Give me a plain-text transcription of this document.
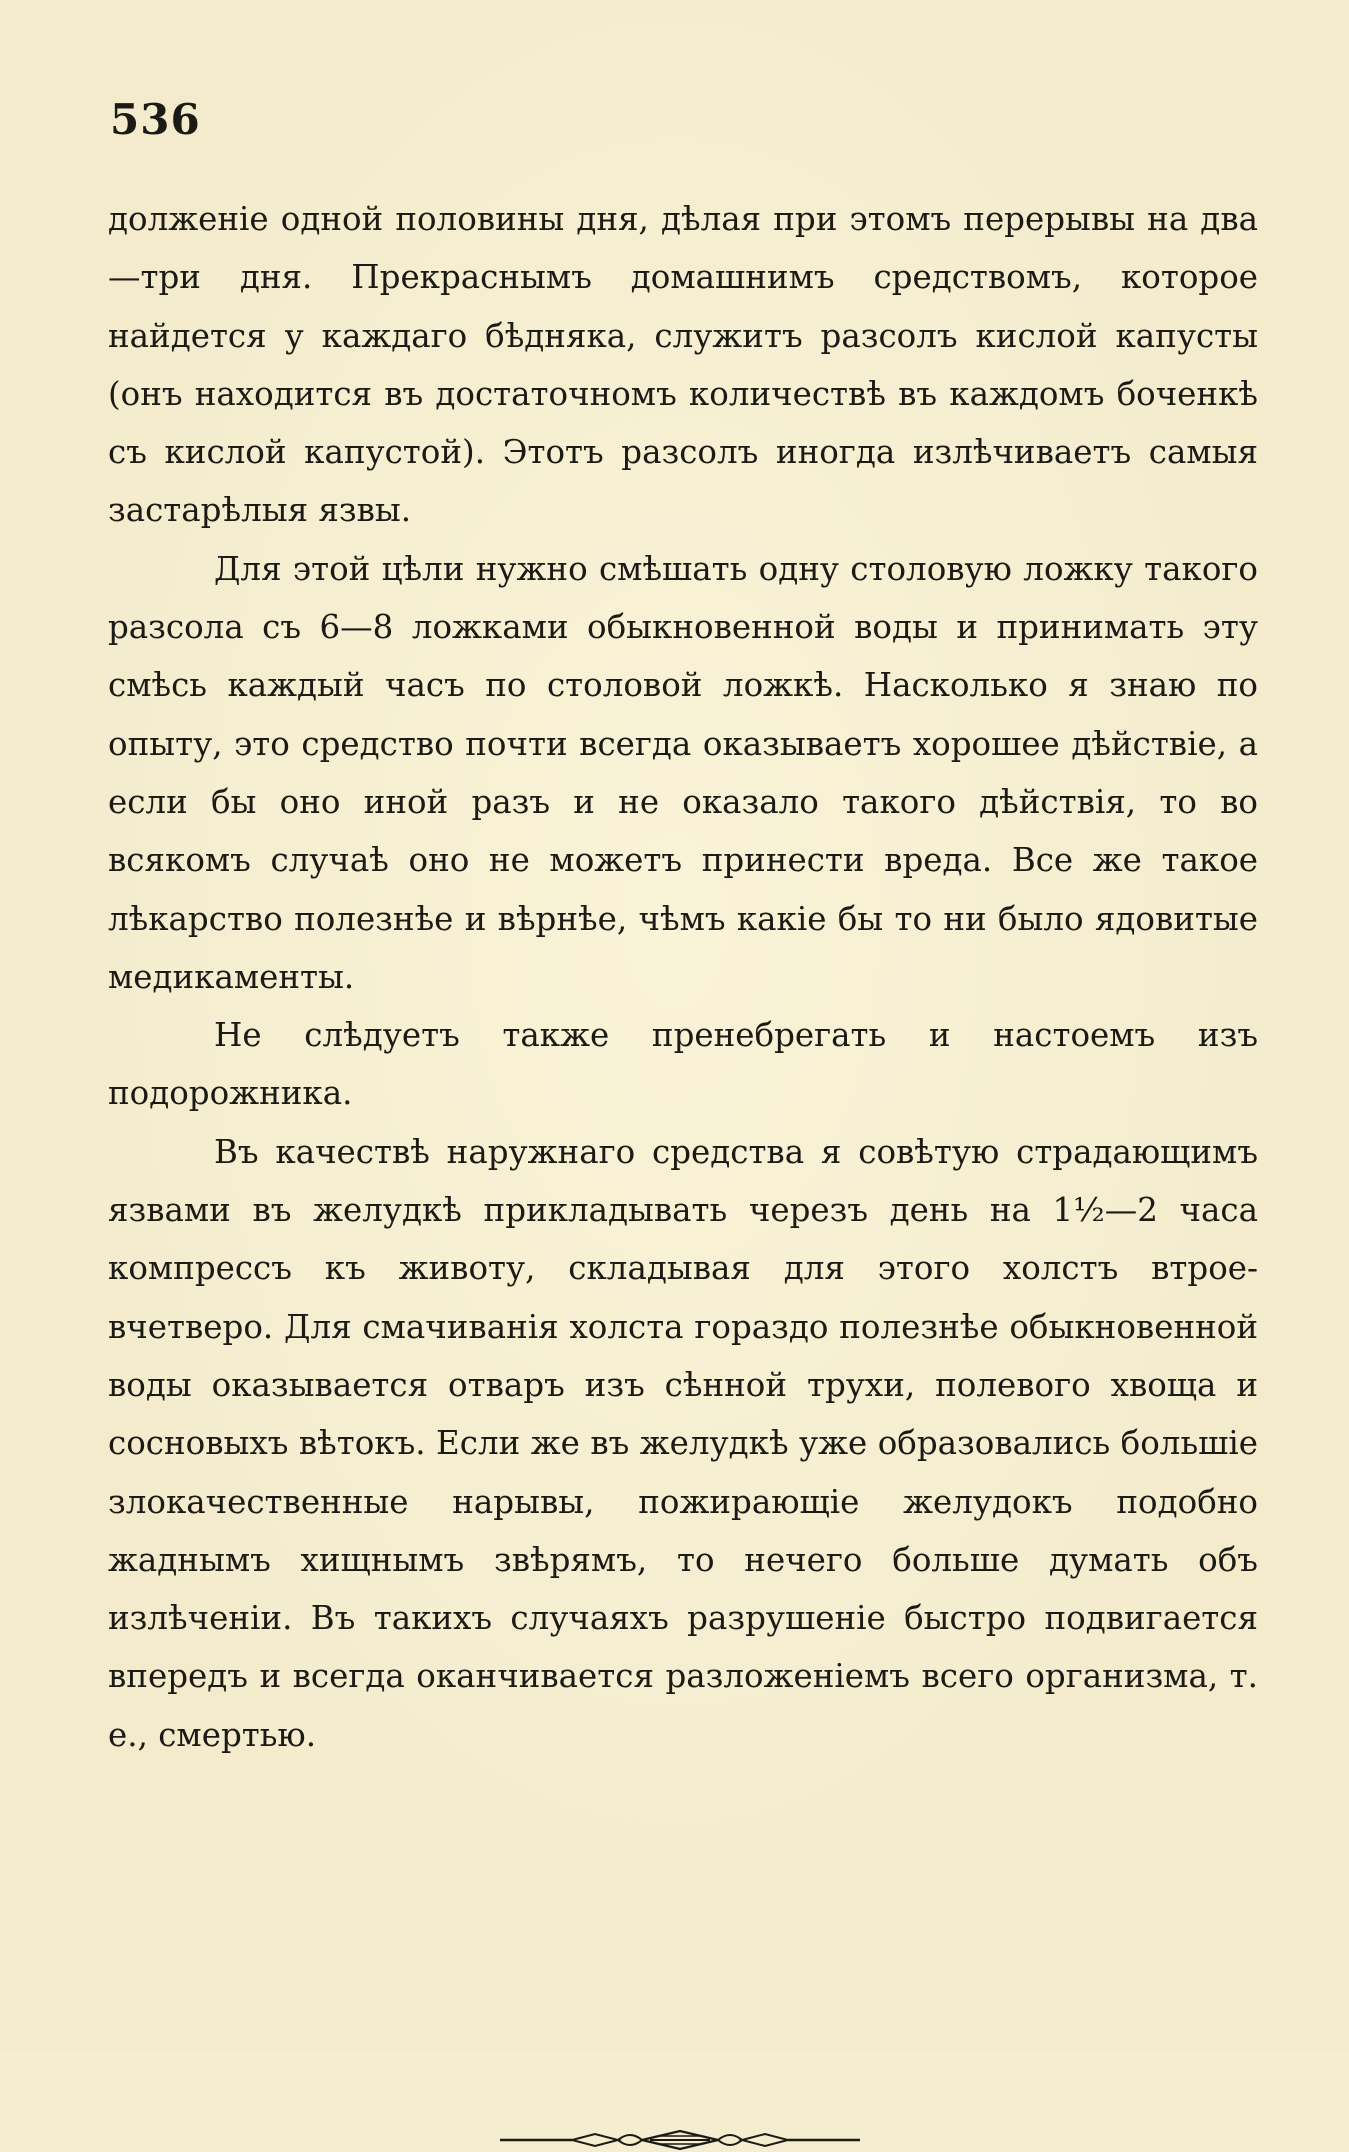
536

долженіе одной половины дня, дѣлая при этомъ перерывы на два—три дня. Прекраснымъ домашнимъ средствомъ, которое найдется у каждаго бѣдняка, служитъ разсолъ кислой капусты (онъ находится въ достаточномъ количествѣ въ каждомъ боченкѣ съ кислой капустой). Этотъ разсолъ иногда излѣчиваетъ самыя застарѣлыя язвы.

Для этой цѣли нужно смѣшать одну столовую ложку такого разсола съ 6—8 ложками обыкновенной воды и принимать эту смѣсь каждый часъ по столовой ложкѣ. Насколько я знаю по опыту, это средство почти всегда оказываетъ хорошее дѣйствіе, а если бы оно иной разъ и не оказало такого дѣйствія, то во всякомъ случаѣ оно не можетъ принести вреда. Все же такое лѣкарство полезнѣе и вѣрнѣе, чѣмъ какіе бы то ни было ядовитые медикаменты.

Не слѣдуетъ также пренебрегать и настоемъ изъ подорожника.

Въ качествѣ наружнаго средства я совѣтую страдающимъ язвами въ желудкѣ прикладывать черезъ день на 1½—2 часа компрессъ къ животу, складывая для этого холстъ втрое-вчетверо. Для смачиванія холста гораздо полезнѣе обыкновенной воды оказывается отваръ изъ сѣнной трухи, полевого хвоща и сосновыхъ вѣтокъ. Если же въ желудкѣ уже образовались большіе злокачественные нарывы, пожирающіе желудокъ подобно жаднымъ хищнымъ звѣрямъ, то нечего больше думать объ излѣченіи. Въ такихъ случаяхъ разрушеніе быстро подвигается впередъ и всегда оканчивается разложеніемъ всего организма, т. е., смертью.
